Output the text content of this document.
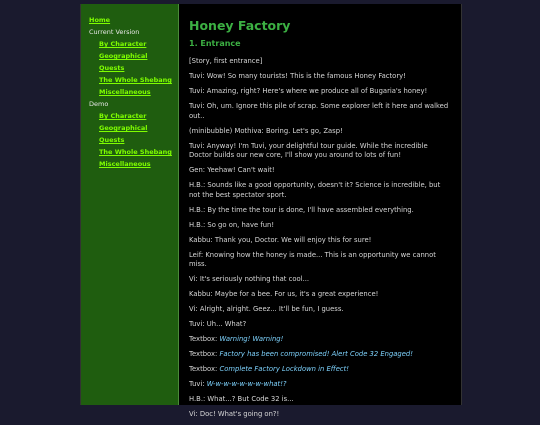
Home
Current Version
By Character
Geographical
Quests
The Whole Shebang
Miscellaneous
Demo
By Character
Geographical
Quests
The Whole Shebang
Miscellaneous
Honey Factory
1. Entrance

[Story, first entrance]

Tuvi: Wow! So many tourists! This is the famous Honey Factory!

Tuvi: Amazing, right? Here's where we produce all of Bugaria's honey!

Tuvi: Oh, um. Ignore this pile of scrap. Some explorer left it here and walked out..

(minibubble) Mothiva: Boring. Let's go, Zasp!

Tuvi: Anyway! I'm Tuvi, your delightful tour guide. While the incredible Doctor builds our new core, I'll show you around to lots of fun!

Gen: Yeehaw! Can't wait!

H.B.: Sounds like a good opportunity, doesn't it? Science is incredible, but not the best spectator sport.

H.B.: By the time the tour is done, I'll have assembled everything.

H.B.: So go on, have fun!

Kabbu: Thank you, Doctor. We will enjoy this for sure!

Leif: Knowing how the honey is made... This is an opportunity we cannot miss.

Vi: It's seriously nothing that cool...

Kabbu: Maybe for a bee. For us, it's a great experience!

Vi: Alright, alright. Geez... It'll be fun, I guess.

Tuvi: Uh... What?

Textbox: Warning! Warning!

Textbox: Factory has been compromised! Alert Code 32 Engaged!

Textbox: Complete Factory Lockdown in Effect!

Tuvi: W-w-w-w-w-w-w-what!?

H.B.: What...? But Code 32 is...

Vi: Doc! What's going on?!
